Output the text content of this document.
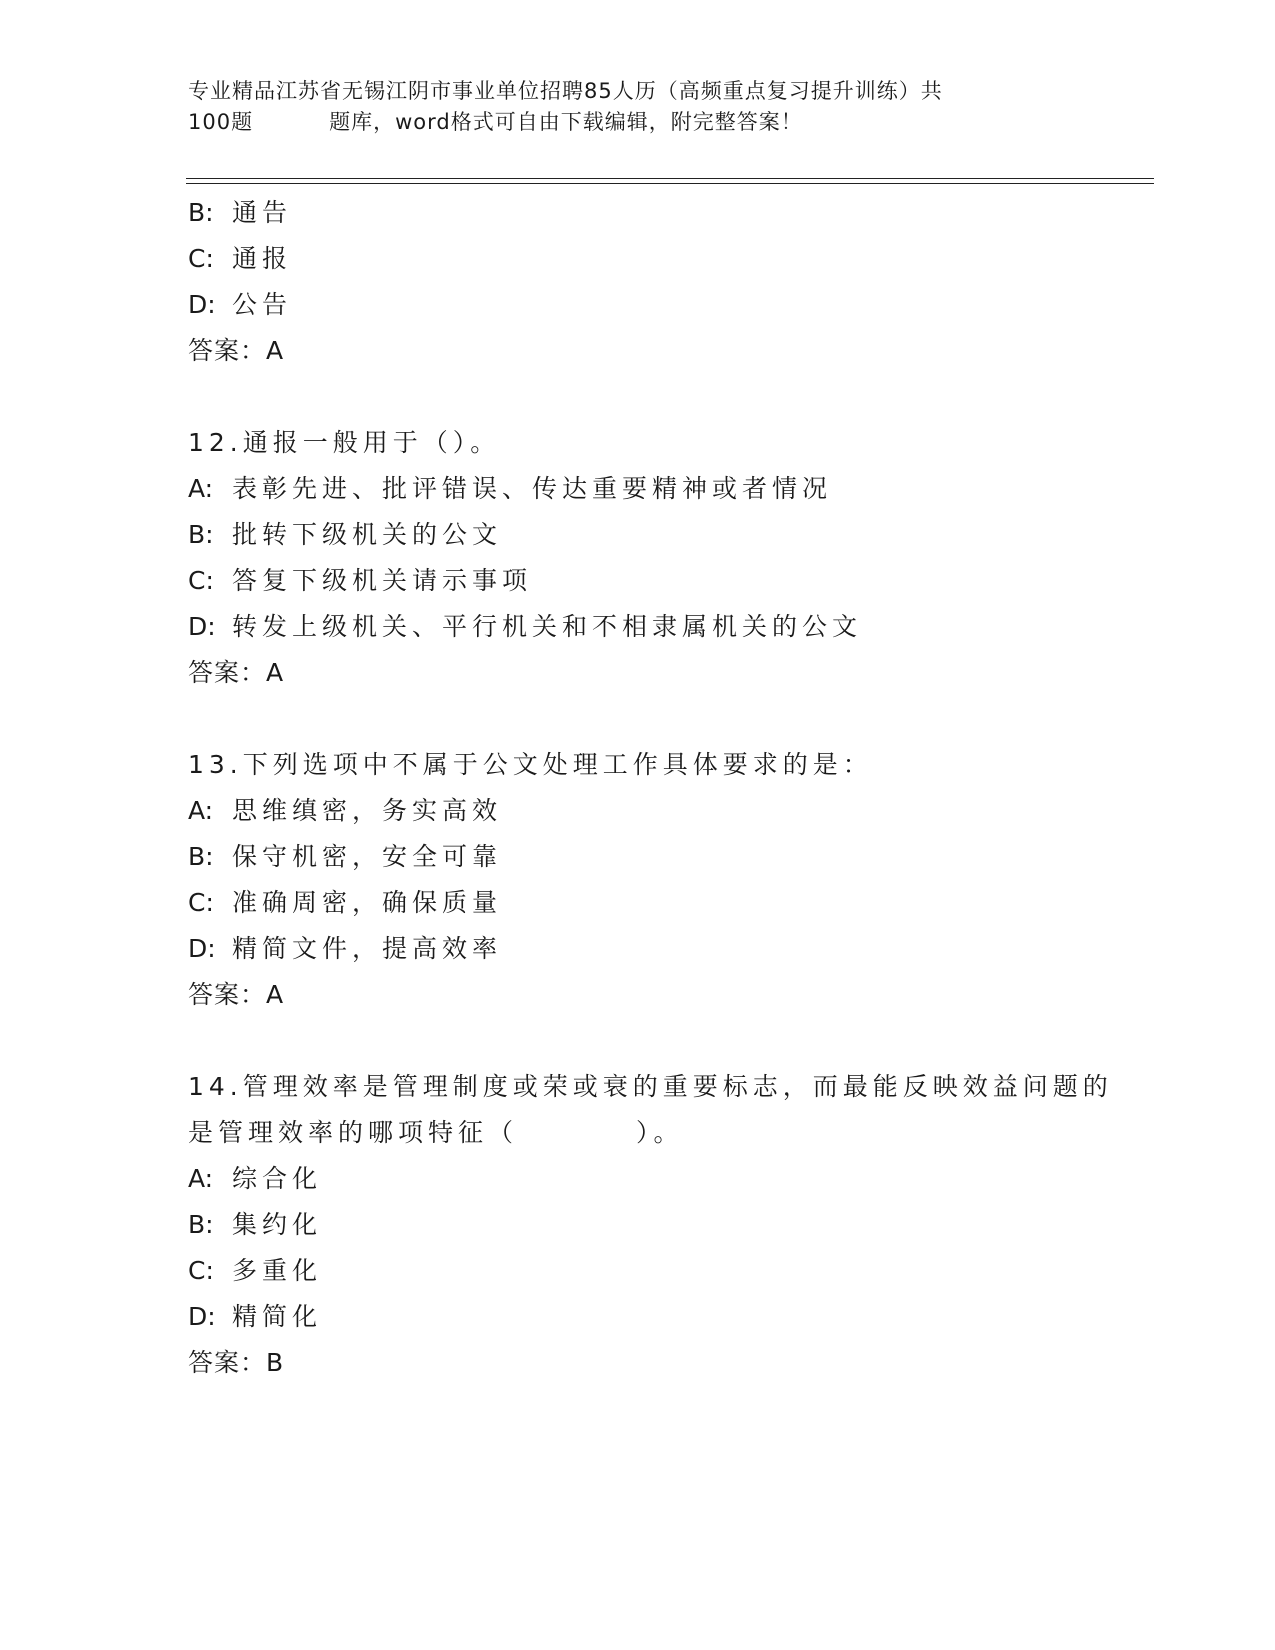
专业精品江苏省无锡江阴市事业单位招聘85人历（高频重点复习提升训练）共
100题	题库，word格式可自由下载编辑，附完整答案！
B: 通告
C: 通报
D: 公告
答案：A
12.通报一般用于（）。
A: 表彰先进、批评错误、传达重要精神或者情况
B: 批转下级机关的公文
C: 答复下级机关请示事项
D: 转发上级机关、平行机关和不相隶属机关的公文
答案：A
13.下列选项中不属于公文处理工作具体要求的是：
A: 思维缜密，务实高效
B: 保守机密，安全可靠
C: 准确周密，确保质量
D: 精简文件，提高效率
答案：A
14.管理效率是管理制度或荣或衰的重要标志，而最能反映效益问题的
是管理效率的哪项特征（	）。
A: 综合化
B: 集约化
C: 多重化
D: 精简化
答案：B
